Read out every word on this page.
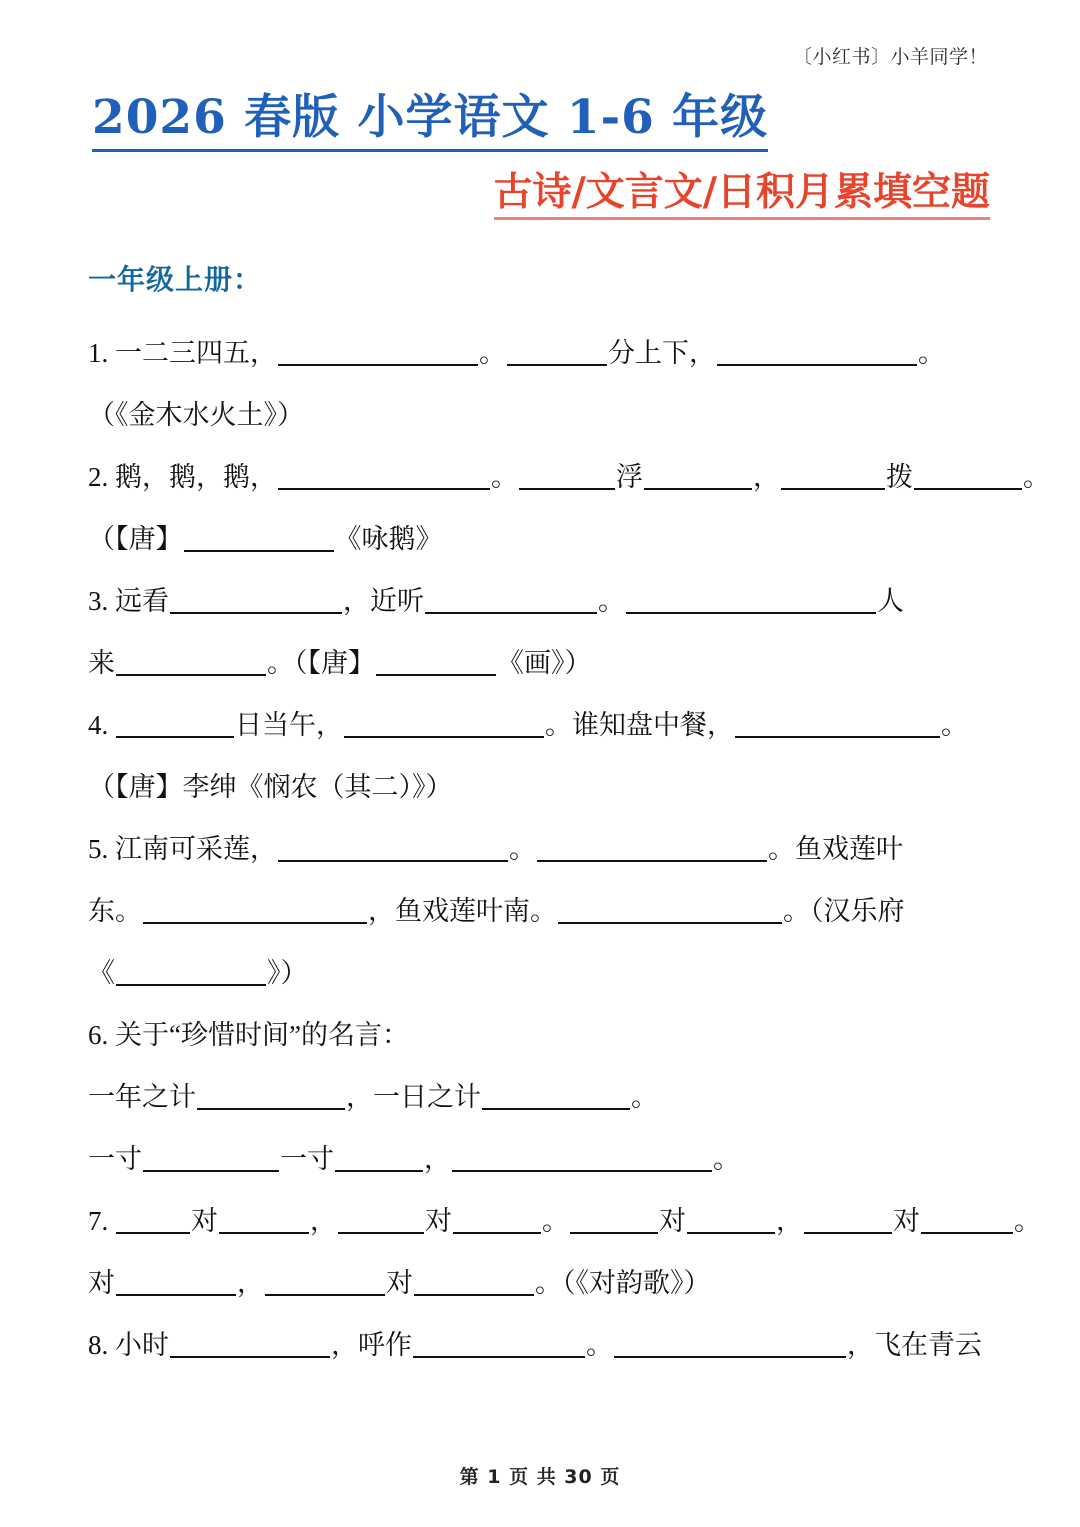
〔小红书〕小羊同学！
2026 春版 小学语文 1-6 年级
古诗/文言文/日积月累填空题
一年级上册：
1. 一二三四五，	。	分上下，	。
（《金木水火土》）
2. 鹅，鹅，鹅，	。	浮	，	拨	。
（【唐】	《咏鹅》
3. 远看	，近听	。	人
来	。（【唐】	《画》）
4.	日当午，	。谁知盘中餐，	。
（【唐】李绅《悯农（其二）》）
5. 江南可采莲，	。	。鱼戏莲叶
东。	，鱼戏莲叶南。	。（汉乐府
《	》）
6. 关于“珍惜时间”的名言：
一年之计	，一日之计	。
一寸	一寸	，	。
7.	对	，	对	。	对	，	对	。
对	，	对	。（《对韵歌》）
8. 小时	，呼作	。	，飞在青云
第 1 页 共 30 页
